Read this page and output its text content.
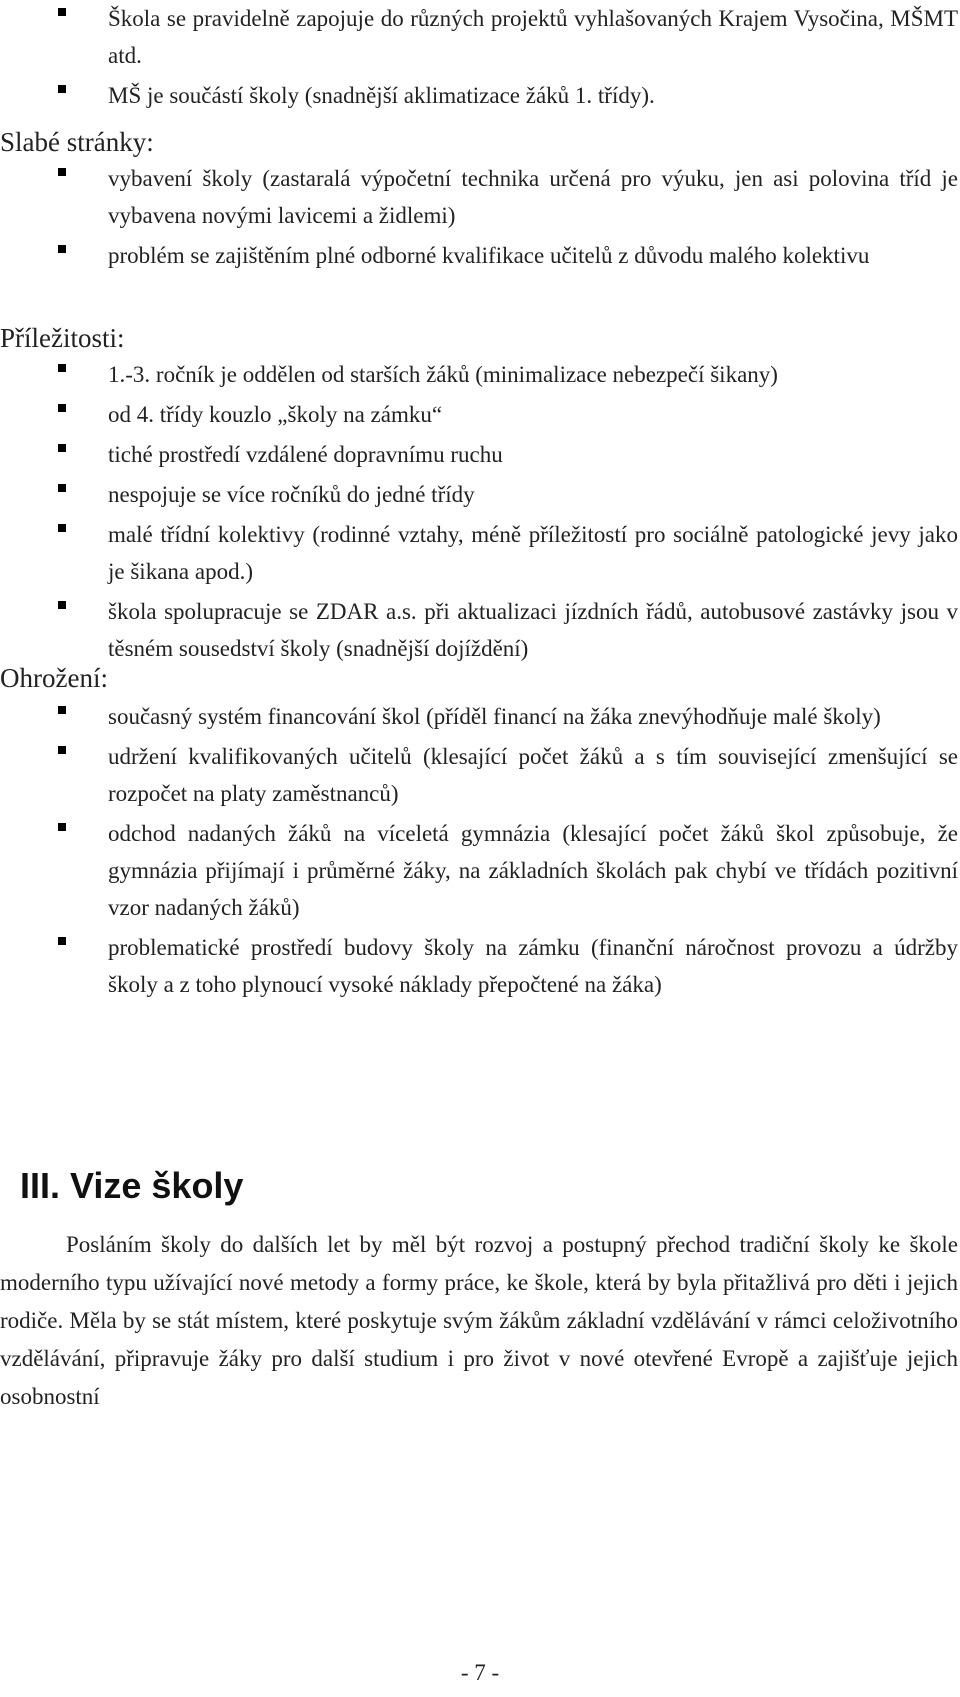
Škola se pravidelně zapojuje do různých projektů vyhlašovaných Krajem Vysočina, MŠMT atd.
MŠ je součástí školy (snadnější aklimatizace žáků 1. třídy).
Slabé stránky:
vybavení školy (zastaralá výpočetní technika určená pro výuku, jen asi polovina tříd je vybavena novými lavicemi a židlemi)
problém se zajištěním plné odborné kvalifikace učitelů z důvodu malého kolektivu
Příležitosti:
1.-3. ročník je oddělen od starších žáků (minimalizace nebezpečí šikany)
od 4. třídy kouzlo „školy na zámku“
tiché prostředí vzdálené dopravnímu ruchu
nespojuje se více ročníků do jedné třídy
malé třídní kolektivy (rodinné vztahy, méně příležitostí pro sociálně patologické jevy jako je šikana apod.)
škola spolupracuje se ZDAR a.s. při aktualizaci jízdních řádů, autobusové zastávky jsou v těsném sousedství školy (snadnější dojíždění)
Ohrožení:
současný systém financování škol (příděl financí na žáka znevýhodňuje malé školy)
udržení kvalifikovaných učitelů (klesající počet žáků a s tím související zmenšující se rozpočet na platy zaměstnanců)
odchod nadaných žáků na víceletá gymnázia (klesající počet žáků škol způsobuje, že gymnázia přijímají i průměrné žáky, na základních školách pak chybí ve třídách pozitivní vzor nadaných žáků)
problematické prostředí budovy školy na zámku (finanční náročnost provozu a údržby školy a z toho plynoucí vysoké náklady přepočtené na žáka)
III. Vize školy

Posláním školy do dalších let by měl být rozvoj a postupný přechod tradiční školy ke škole moderního typu užívající nové metody a formy práce, ke škole, která by byla přitažlivá pro děti i jejich rodiče. Měla by se stát místem, které poskytuje svým žákům základní vzdělávání v rámci celoživotního vzdělávání, připravuje žáky pro další studium i pro život v nové otevřené Evropě a zajišťuje jejich osobnostní

- 7 -
